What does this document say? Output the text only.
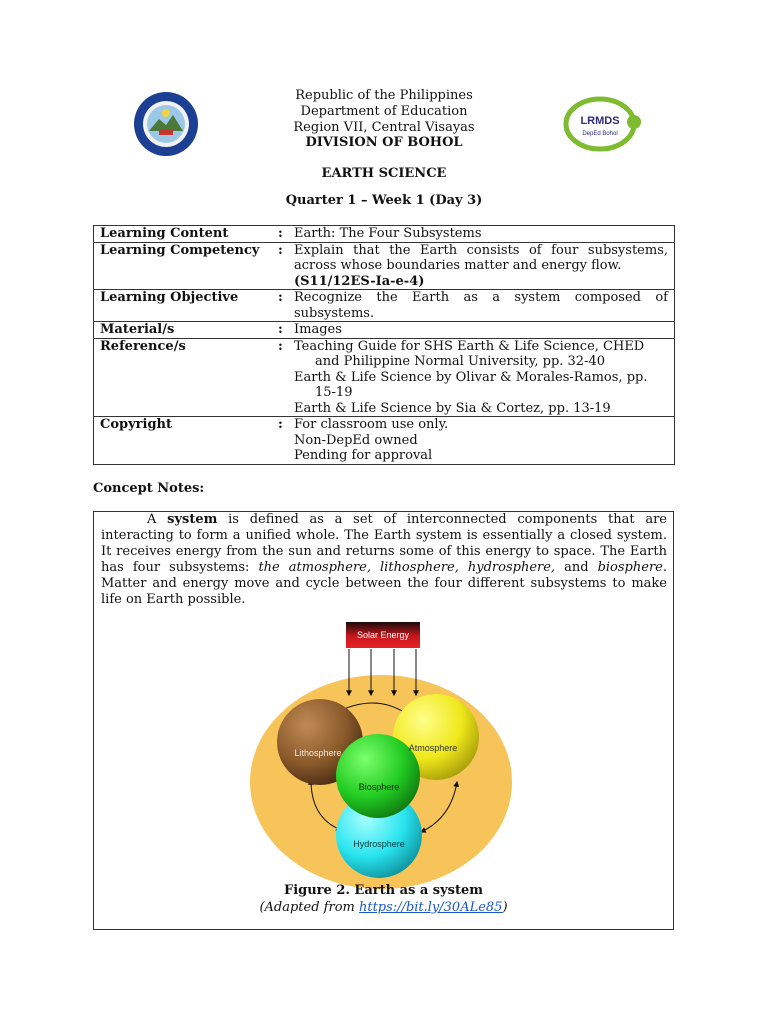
LRMDS
DepEd Bohol
Republic of the Philippines
Department of Education
Region VII, Central Visayas
DIVISION OF BOHOL
EARTH SCIENCE
Quarter 1 – Week 1 (Day 3)
Learning Content	:	Earth: The Four Subsystems
Learning Competency	:	Explain that the Earth consists of four subsystems, across whose boundaries matter and energy flow.
(S11/12ES-Ia-e-4)
Learning Objective	:	Recognize the Earth as a system composed of subsystems.
Material/s	:	Images
Reference/s	:	Teaching Guide for SHS Earth & Life Science, CHED and Philippine Normal University, pp. 32-40
Earth & Life Science by Olivar & Morales-Ramos, pp. 15-19
Earth & Life Science by Sia & Cortez, pp. 13-19

Copyright	:	For classroom use only.
Non-DepEd owned
Pending for approval
Concept Notes:

A system is defined as a set of interconnected components that are interacting to form a unified whole. The Earth system is essentially a closed system. It receives energy from the sun and returns some of this energy to space. The Earth has four subsystems: the atmosphere, lithosphere, hydrosphere, and biosphere. Matter and energy move and cycle between the four different subsystems to make life on Earth possible.

Solar Energy
Lithosphere	Atmosphere
Biosphere
Hydrosphere
Figure 2. Earth as a system
(Adapted from https://bit.ly/30ALe85)
